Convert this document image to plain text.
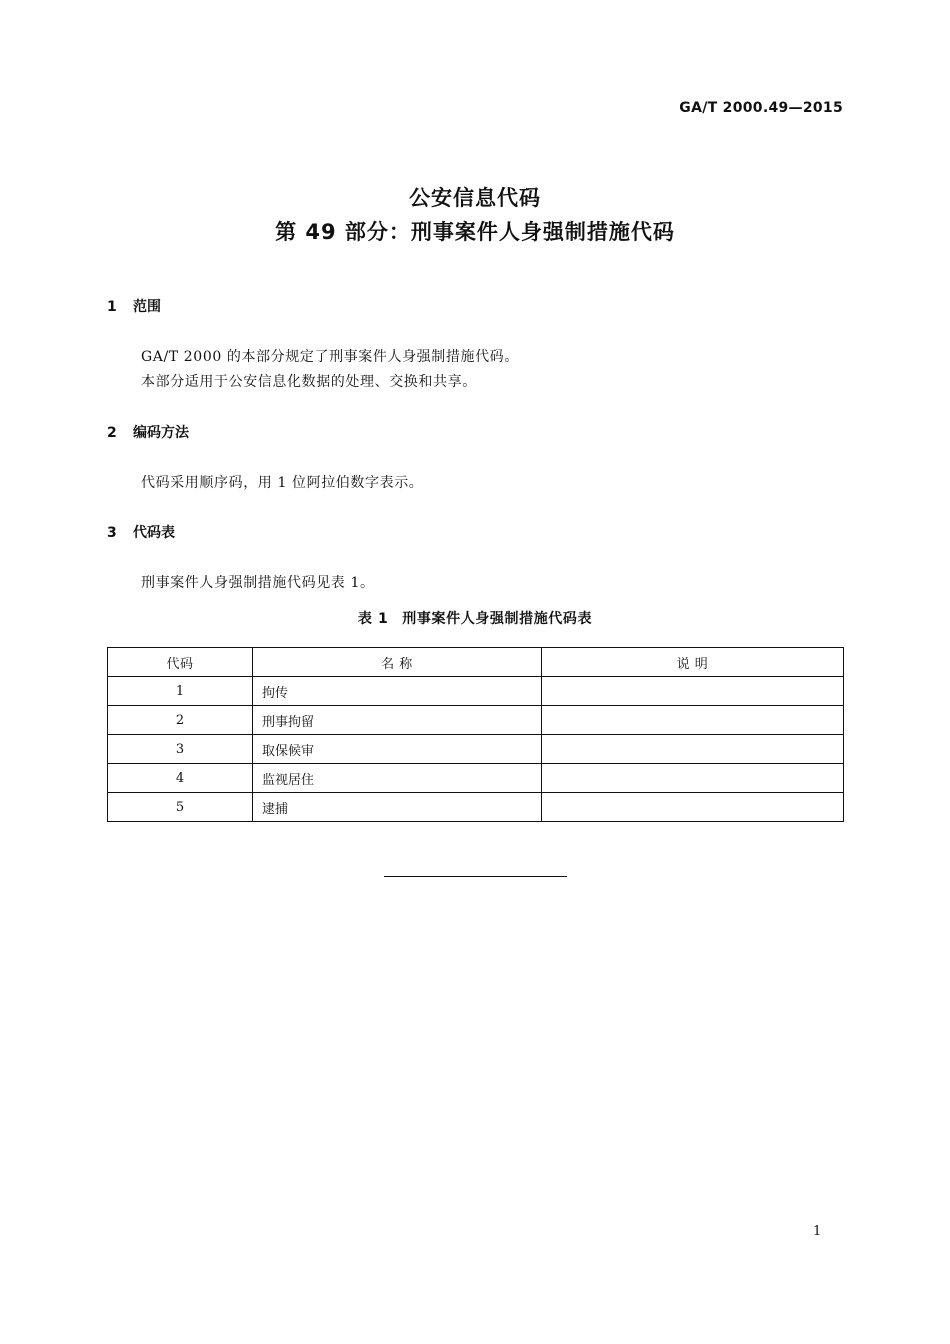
GA/T 2000.49—2015
公安信息代码
第 49 部分：刑事案件人身强制措施代码
1 范围
GA/T 2000 的本部分规定了刑事案件人身强制措施代码。
本部分适用于公安信息化数据的处理、交换和共享。
2 编码方法
代码采用顺序码，用 1 位阿拉伯数字表示。
3 代码表
刑事案件人身强制措施代码见表 1。
表 1 刑事案件人身强制措施代码表
代码	名 称	说 明
1	拘传	
2	刑事拘留	
3	取保候审	
4	监视居住	
5	逮捕	
1
